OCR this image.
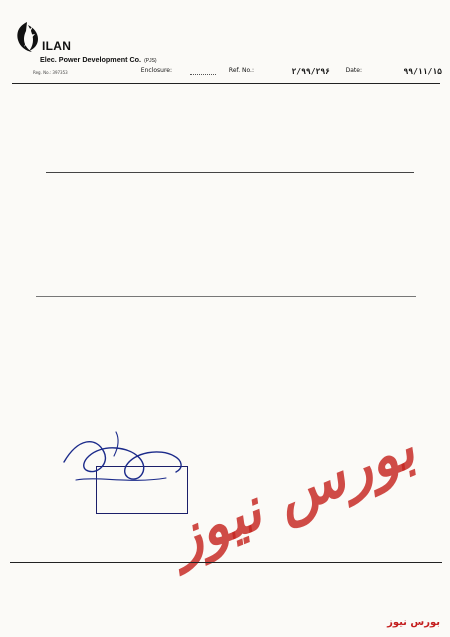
ILAN
Elec. Power Development Co. (PJS)
Reg. No.: 397353	۹۹/۱۱/۱۵
Date:
۲/۹۹/۲۹۶
Ref. No.:
Enclosure:
بورس نیوز
بورس نیوز
